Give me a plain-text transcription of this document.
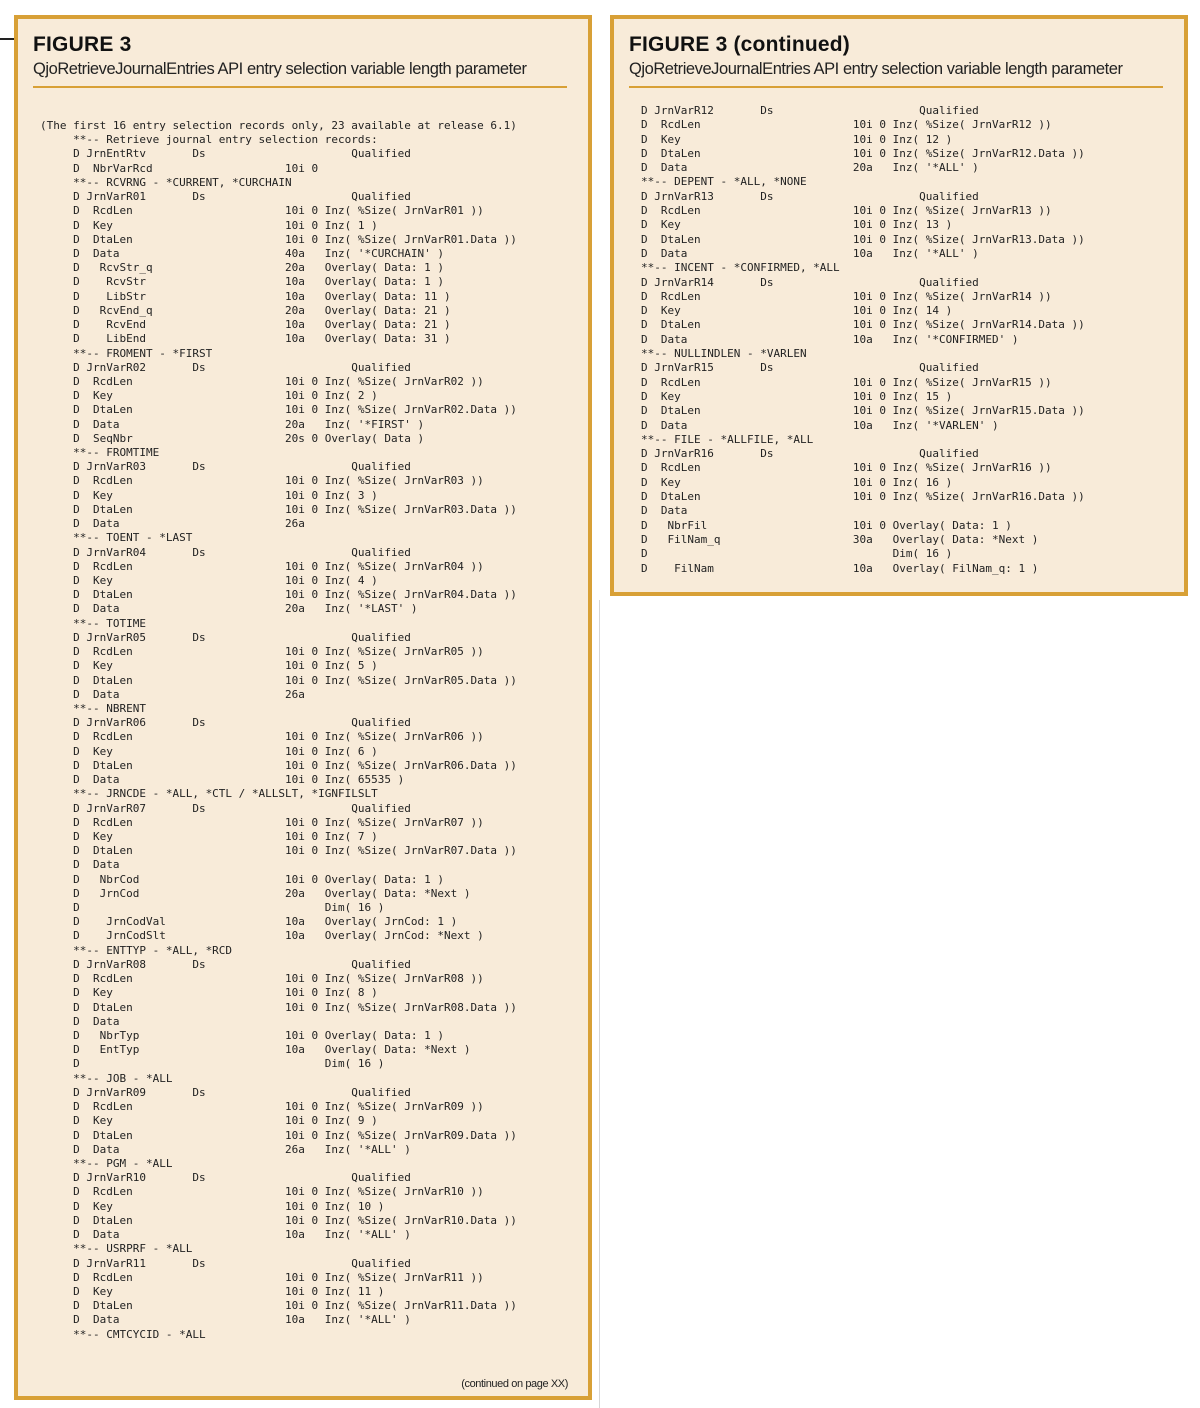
FIGURE 3

QjoRetrieveJournalEntries API entry selection variable length parameter

(The first 16 entry selection records only, 23 available at release 6.1)
**-- Retrieve journal entry selection records:
D JrnEntRtv       Ds                      Qualified
D  NbrVarRcd                    10i 0
**-- RCVRNG - *CURRENT, *CURCHAIN
D JrnVarR01       Ds                      Qualified
D  RcdLen                       10i 0 Inz( %Size( JrnVarR01 ))
D  Key                          10i 0 Inz( 1 )
D  DtaLen                       10i 0 Inz( %Size( JrnVarR01.Data ))
D  Data                         40a   Inz( '*CURCHAIN' )
D   RcvStr_q                    20a   Overlay( Data: 1 )
D    RcvStr                     10a   Overlay( Data: 1 )
D    LibStr                     10a   Overlay( Data: 11 )
D   RcvEnd_q                    20a   Overlay( Data: 21 )
D    RcvEnd                     10a   Overlay( Data: 21 )
D    LibEnd                     10a   Overlay( Data: 31 )
**-- FROMENT - *FIRST
D JrnVarR02       Ds                      Qualified
D  RcdLen                       10i 0 Inz( %Size( JrnVarR02 ))
D  Key                          10i 0 Inz( 2 )
D  DtaLen                       10i 0 Inz( %Size( JrnVarR02.Data ))
D  Data                         20a   Inz( '*FIRST' )
D  SeqNbr                       20s 0 Overlay( Data )
**-- FROMTIME
D JrnVarR03       Ds                      Qualified
D  RcdLen                       10i 0 Inz( %Size( JrnVarR03 ))
D  Key                          10i 0 Inz( 3 )
D  DtaLen                       10i 0 Inz( %Size( JrnVarR03.Data ))
D  Data                         26a
**-- TOENT - *LAST
D JrnVarR04       Ds                      Qualified
D  RcdLen                       10i 0 Inz( %Size( JrnVarR04 ))
D  Key                          10i 0 Inz( 4 )
D  DtaLen                       10i 0 Inz( %Size( JrnVarR04.Data ))
D  Data                         20a   Inz( '*LAST' )
**-- TOTIME
D JrnVarR05       Ds                      Qualified
D  RcdLen                       10i 0 Inz( %Size( JrnVarR05 ))
D  Key                          10i 0 Inz( 5 )
D  DtaLen                       10i 0 Inz( %Size( JrnVarR05.Data ))
D  Data                         26a
**-- NBRENT
D JrnVarR06       Ds                      Qualified
D  RcdLen                       10i 0 Inz( %Size( JrnVarR06 ))
D  Key                          10i 0 Inz( 6 )
D  DtaLen                       10i 0 Inz( %Size( JrnVarR06.Data ))
D  Data                         10i 0 Inz( 65535 )
**-- JRNCDE - *ALL, *CTL / *ALLSLT, *IGNFILSLT
D JrnVarR07       Ds                      Qualified
D  RcdLen                       10i 0 Inz( %Size( JrnVarR07 ))
D  Key                          10i 0 Inz( 7 )
D  DtaLen                       10i 0 Inz( %Size( JrnVarR07.Data ))
D  Data
D   NbrCod                      10i 0 Overlay( Data: 1 )
D   JrnCod                      20a   Overlay( Data: *Next )
D                                     Dim( 16 )
D    JrnCodVal                  10a   Overlay( JrnCod: 1 )
D    JrnCodSlt                  10a   Overlay( JrnCod: *Next )
**-- ENTTYP - *ALL, *RCD
D JrnVarR08       Ds                      Qualified
D  RcdLen                       10i 0 Inz( %Size( JrnVarR08 ))
D  Key                          10i 0 Inz( 8 )
D  DtaLen                       10i 0 Inz( %Size( JrnVarR08.Data ))
D  Data
D   NbrTyp                      10i 0 Overlay( Data: 1 )
D   EntTyp                      10a   Overlay( Data: *Next )
D                                     Dim( 16 )
**-- JOB - *ALL
D JrnVarR09       Ds                      Qualified
D  RcdLen                       10i 0 Inz( %Size( JrnVarR09 ))
D  Key                          10i 0 Inz( 9 )
D  DtaLen                       10i 0 Inz( %Size( JrnVarR09.Data ))
D  Data                         26a   Inz( '*ALL' )
**-- PGM - *ALL
D JrnVarR10       Ds                      Qualified
D  RcdLen                       10i 0 Inz( %Size( JrnVarR10 ))
D  Key                          10i 0 Inz( 10 )
D  DtaLen                       10i 0 Inz( %Size( JrnVarR10.Data ))
D  Data                         10a   Inz( '*ALL' )
**-- USRPRF - *ALL
D JrnVarR11       Ds                      Qualified
D  RcdLen                       10i 0 Inz( %Size( JrnVarR11 ))
D  Key                          10i 0 Inz( 11 )
D  DtaLen                       10i 0 Inz( %Size( JrnVarR11.Data ))
D  Data                         10a   Inz( '*ALL' )
**-- CMTCYCID - *ALL

(continued on page XX)

FIGURE 3 (continued)

QjoRetrieveJournalEntries API entry selection variable length parameter

D JrnVarR12       Ds                      Qualified
D  RcdLen                       10i 0 Inz( %Size( JrnVarR12 ))
D  Key                          10i 0 Inz( 12 )
D  DtaLen                       10i 0 Inz( %Size( JrnVarR12.Data ))
D  Data                         20a   Inz( '*ALL' )
**-- DEPENT - *ALL, *NONE
D JrnVarR13       Ds                      Qualified
D  RcdLen                       10i 0 Inz( %Size( JrnVarR13 ))
D  Key                          10i 0 Inz( 13 )
D  DtaLen                       10i 0 Inz( %Size( JrnVarR13.Data ))
D  Data                         10a   Inz( '*ALL' )
**-- INCENT - *CONFIRMED, *ALL
D JrnVarR14       Ds                      Qualified
D  RcdLen                       10i 0 Inz( %Size( JrnVarR14 ))
D  Key                          10i 0 Inz( 14 )
D  DtaLen                       10i 0 Inz( %Size( JrnVarR14.Data ))
D  Data                         10a   Inz( '*CONFIRMED' )
**-- NULLINDLEN - *VARLEN
D JrnVarR15       Ds                      Qualified
D  RcdLen                       10i 0 Inz( %Size( JrnVarR15 ))
D  Key                          10i 0 Inz( 15 )
D  DtaLen                       10i 0 Inz( %Size( JrnVarR15.Data ))
D  Data                         10a   Inz( '*VARLEN' )
**-- FILE - *ALLFILE, *ALL
D JrnVarR16       Ds                      Qualified
D  RcdLen                       10i 0 Inz( %Size( JrnVarR16 ))
D  Key                          10i 0 Inz( 16 )
D  DtaLen                       10i 0 Inz( %Size( JrnVarR16.Data ))
D  Data
D   NbrFil                      10i 0 Overlay( Data: 1 )
D   FilNam_q                    30a   Overlay( Data: *Next )
D                                     Dim( 16 )
D    FilNam                     10a   Overlay( FilNam_q: 1 )
